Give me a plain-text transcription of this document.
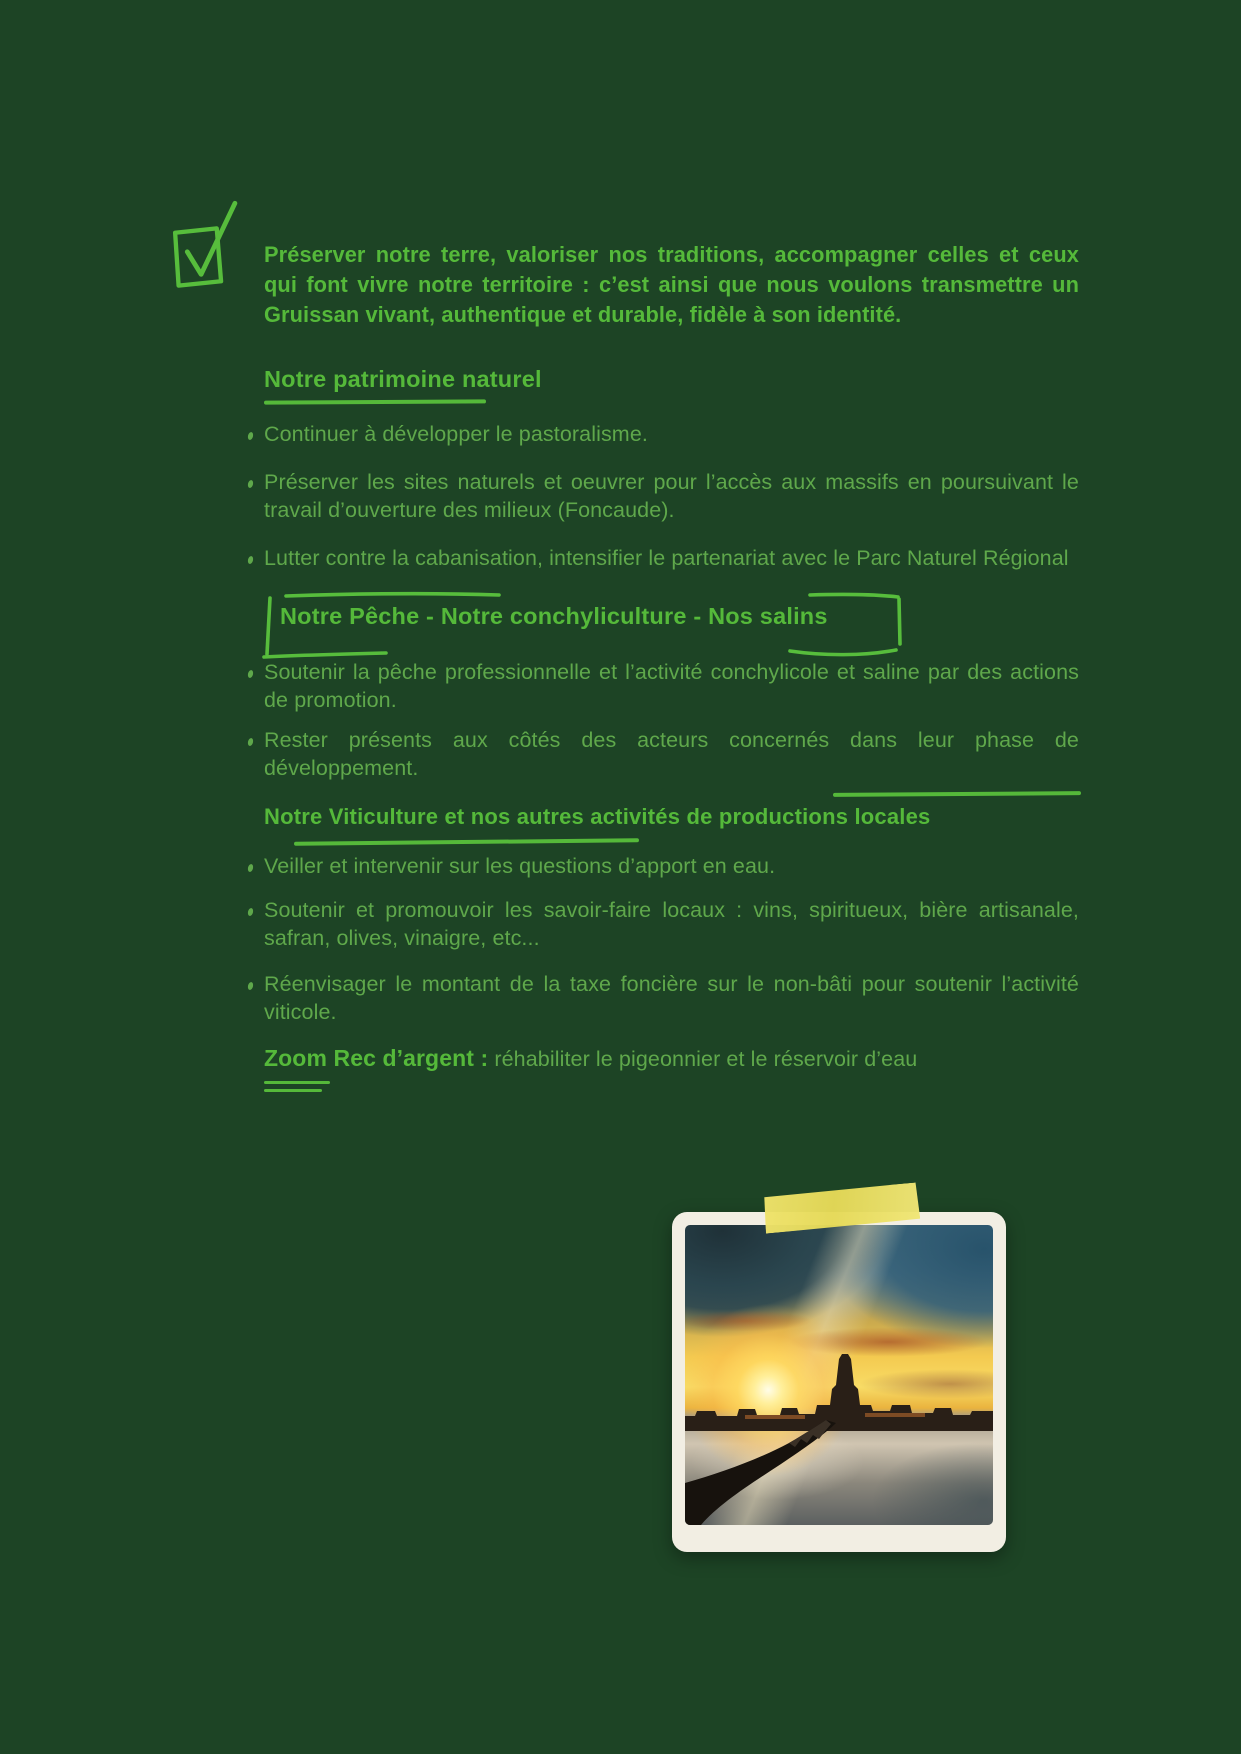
Préserver notre terre, valoriser nos traditions, accompagner celles et ceux qui font vivre notre territoire : c’est ainsi que nous voulons transmettre un Gruissan vivant, authentique et durable, fidèle à son identité.

Notre patrimoine naturel

Continuer à développer le pastoralisme.

Préserver les sites naturels et oeuvrer pour l’accès aux massifs en poursuivant le travail d’ouverture des milieux (Foncaude).

Lutter contre la cabanisation, intensifier le partenariat avec le Parc Naturel Régional

Notre Pêche - Notre conchyliculture - Nos salins

Soutenir la pêche professionnelle et l’activité conchylicole et saline par des actions de promotion.

Rester présents aux côtés des acteurs concernés dans leur phase de développement.

Notre Viticulture et nos autres activités de productions locales

Veiller et intervenir sur les questions d’apport en eau.

Soutenir et promouvoir les savoir-faire locaux : vins, spiritueux, bière artisanale, safran, olives, vinaigre, etc...

Réenvisager le montant de la taxe foncière sur le non-bâti pour soutenir l’activité viticole.

Zoom Rec d’argent : réhabiliter le pigeonnier et le réservoir d’eau
